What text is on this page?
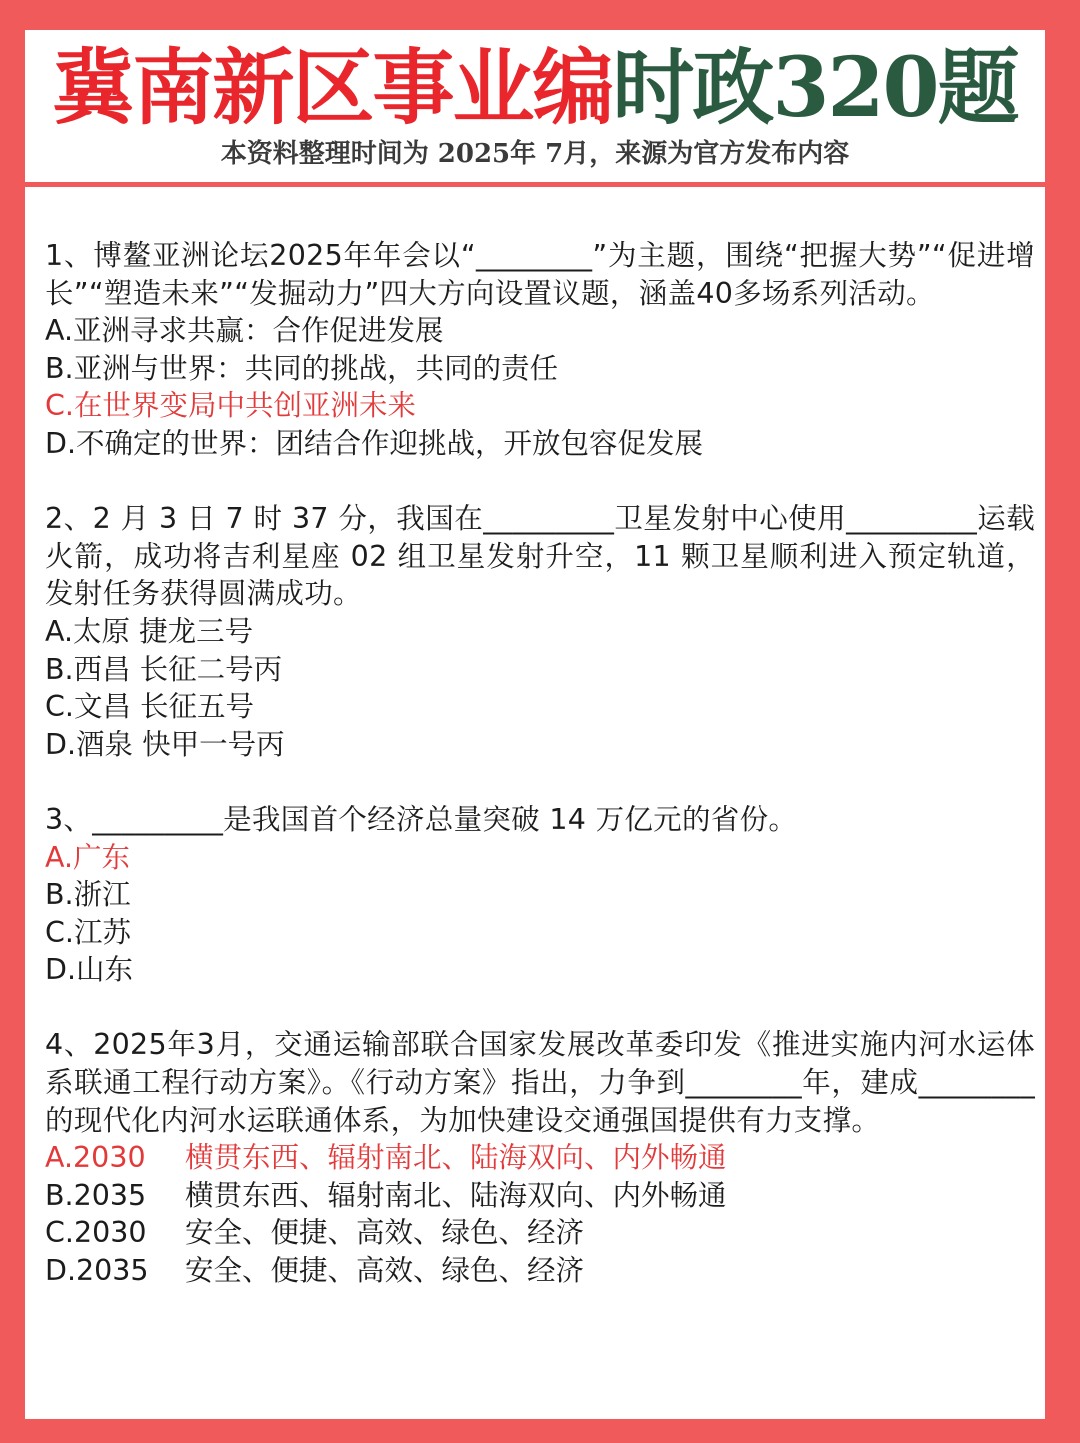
冀南新区事业编时政320题
本资料整理时间为 2025年 7月，来源为官方发布内容
1、博鳌亚洲论坛2025年年会以“________”为主题，围绕“把握大势”“促进增长”“塑造未来”“发掘动力”四大方向设置议题，涵盖40多场系列活动。
A.亚洲寻求共赢：合作促进发展
B.亚洲与世界：共同的挑战，共同的责任
C.在世界变局中共创亚洲未来
D.不确定的世界：团结合作迎挑战，开放包容促发展
2、2 月 3 日 7 时 37 分，我国在_________卫星发射中心使用_________运载火箭，成功将吉利星座 02 组卫星发射升空，11 颗卫星顺利进入预定轨道，发射任务获得圆满成功。
A.太原 捷龙三号
B.西昌 长征二号丙
C.文昌 长征五号
D.酒泉 快甲一号丙
3、_________是我国首个经济总量突破 14 万亿元的省份。
A.广东
B.浙江
C.江苏
D.山东
4、2025年3月，交通运输部联合国家发展改革委印发《推进实施内河水运体系联通工程行动方案》。《行动方案》指出，力争到________年，建成________的现代化内河水运联通体系，为加快建设交通强国提供有力支撑。
A.2030 横贯东西、辐射南北、陆海双向、内外畅通
B.2035 横贯东西、辐射南北、陆海双向、内外畅通
C.2030 安全、便捷、高效、绿色、经济
D.2035 安全、便捷、高效、绿色、经济
